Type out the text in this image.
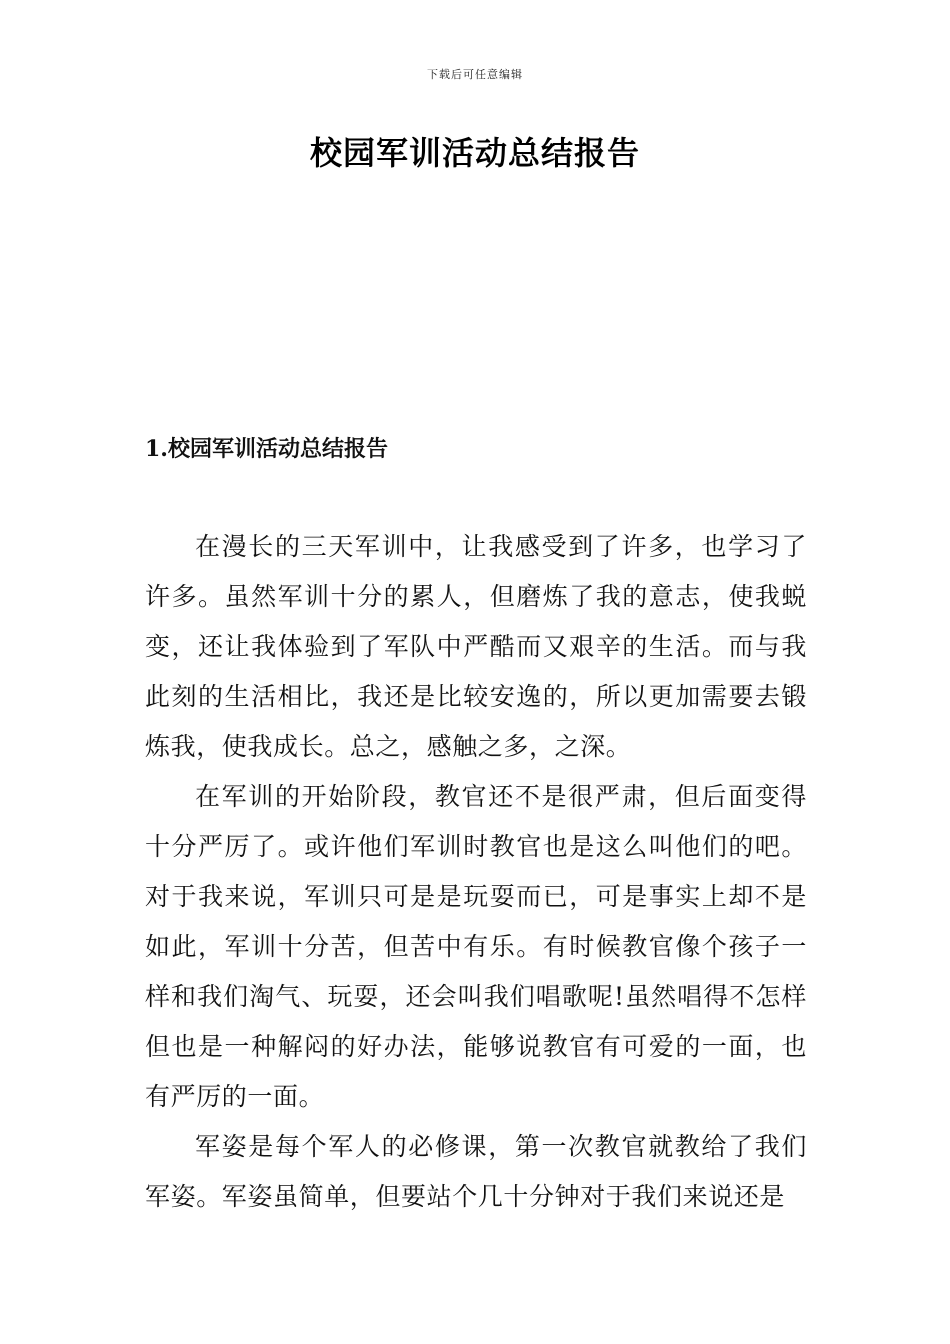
下载后可任意编辑
校园军训活动总结报告
1.校园军训活动总结报告

在漫长的三天军训中，让我感受到了许多，也学习了许多。虽然军训十分的累人，但磨炼了我的意志，使我蜕变，还让我体验到了军队中严酷而又艰辛的生活。而与我此刻的生活相比，我还是比较安逸的，所以更加需要去锻炼我，使我成长。总之，感触之多，之深。

在军训的开始阶段，教官还不是很严肃，但后面变得十分严厉了。或许他们军训时教官也是这么叫他们的吧。对于我来说，军训只可是是玩耍而已，可是事实上却不是如此，军训十分苦，但苦中有乐。有时候教官像个孩子一样和我们淘气、玩耍，还会叫我们唱歌呢!虽然唱得不怎样但也是一种解闷的好办法，能够说教官有可爱的一面，也有严厉的一面。

军姿是每个军人的必修课，第一次教官就教给了我们军姿。军姿虽简单，但要站个几十分钟对于我们来说还是
